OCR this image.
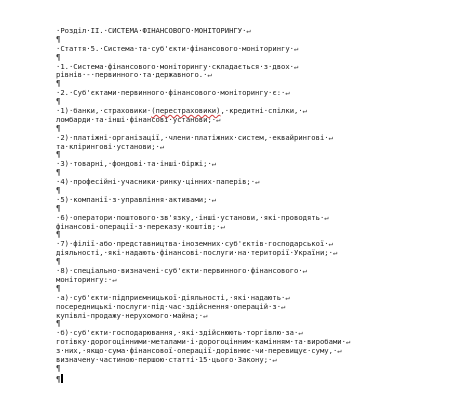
·Розділ·II.·СИСТЕМА·ФІНАНСОВОГО·МОНІТОРИНГУ·↵
¶
·Стаття·5.·Система·та·суб'єкти·фінансового·моніторингу·↵
¶
·1.·Система·фінансового·моніторингу·складається·з·двох·↵
рівнів·-·первинного·та·державного.·↵
¶
·2.·Суб'єктами·первинного·фінансового·моніторингу·є:·↵
¶
·1)·банки,·страховики·(перестраховики),·кредитні·спілки,·↵
ломбарди·та·інші·фінансові·установи;·↵
¶
·2)·платіжні·організації,·члени·платіжних·систем,·еквайрингові·↵
та·клірингові·установи;·↵
¶
·3)·товарні,·фондові·та·інші·біржі;·↵
¶
·4)·професійні·учасники·ринку·цінних·паперів;·↵
¶
·5)·компанії·з·управління·активами;·↵
¶
·6)·оператори·поштового·зв'язку,·інші·установи,·які·проводять·↵
фінансові·операції·з·переказу·коштів;·↵
¶
·7)·філії·або·представництва·іноземних·суб'єктів·господарської·↵
діяльності,·які·надають·фінансові·послуги·на·території·України;·↵
¶
·8)·спеціально·визначені·суб'єкти·первинного·фінансового·↵
моніторингу:·↵
¶
·а)·суб'єкти·підприємницької·діяльності,·які·надають·↵
посередницькі·послуги·під·час·здійснення·операцій·з·↵
купівлі-продажу·нерухомого·майна;·↵
¶
·б)·суб'єкти·господарювання,·які·здійснюють·торгівлю·за·↵
готівку·дорогоцінними·металами·і·дорогоцінним·камінням·та·виробами·↵
з·них,·якщо·сума·фінансової·операції·дорівнює·чи·перевищує·суму,·↵
визначену·частиною·першою·статті·15·цього·Закону;·↵
¶
¶
